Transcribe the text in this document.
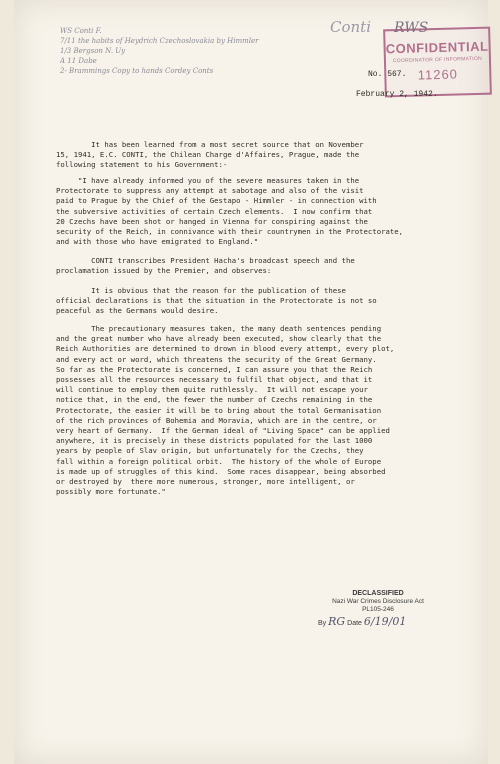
WS Conti F.
7/11 the habits of Heydrich Czechoslovakia by Himmler
1/3 Bergson N. Uy
A 11 Dabe
2- Brammings Copy to hands Cordey Conts
Conti
CONFIDENTIAL
COORDINATOR OF INFORMATION
11260
RWS
No. 567.
February 2, 1942.
It has been learned from a most secret source that on November
15, 1941, E.C. CONTI, the Chilean Charge d'Affaires, Prague, made the
following statement to his Government:-
"I have already informed you of the severe measures taken in the
Protectorate to suppress any attempt at sabotage and also of the visit
paid to Prague by the Chief of the Gestapo - Himmler - in connection with
the subversive activities of certain Czech elements.  I now confirm that
20 Czechs have been shot or hanged in Vienna for conspiring against the
security of the Reich, in connivance with their countrymen in the Protectorate,
and with those who have emigrated to England."
CONTI transcribes President Hacha's broadcast speech and the
proclamation issued by the Premier, and observes:
It is obvious that the reason for the publication of these
official declarations is that the situation in the Protectorate is not so
peaceful as the Germans would desire.
The precautionary measures taken, the many death sentences pending
and the great number who have already been executed, show clearly that the
Reich Authorities are determined to drown in blood every attempt, every plot,
and every act or word, which threatens the security of the Great Germany.
So far as the Protectorate is concerned, I can assure you that the Reich
possesses all the resources necessary to fulfil that object, and that it
will continue to employ them quite ruthlessly.  It will not escape your
notice that, in the end, the fewer the number of Czechs remaining in the
Protectorate, the easier it will be to bring about the total Germanisation
of the rich provinces of Bohemia and Moravia, which are in the centre, or
very heart of Germany.  If the German ideal of "Living Space" can be applied
anywhere, it is precisely in these districts populated for the last 1000
years by people of Slav origin, but unfortunately for the Czechs, they
fall within a foreign political orbit.  The history of the whole of Europe
is made up of struggles of this kind.  Some races disappear, being absorbed
or destroyed by  there more numerous, stronger, more intelligent, or
possibly more fortunate."
DECLASSIFIED
Nazi War Crimes Disclosure Act
PL105-246
By RG Date 6/19/01
